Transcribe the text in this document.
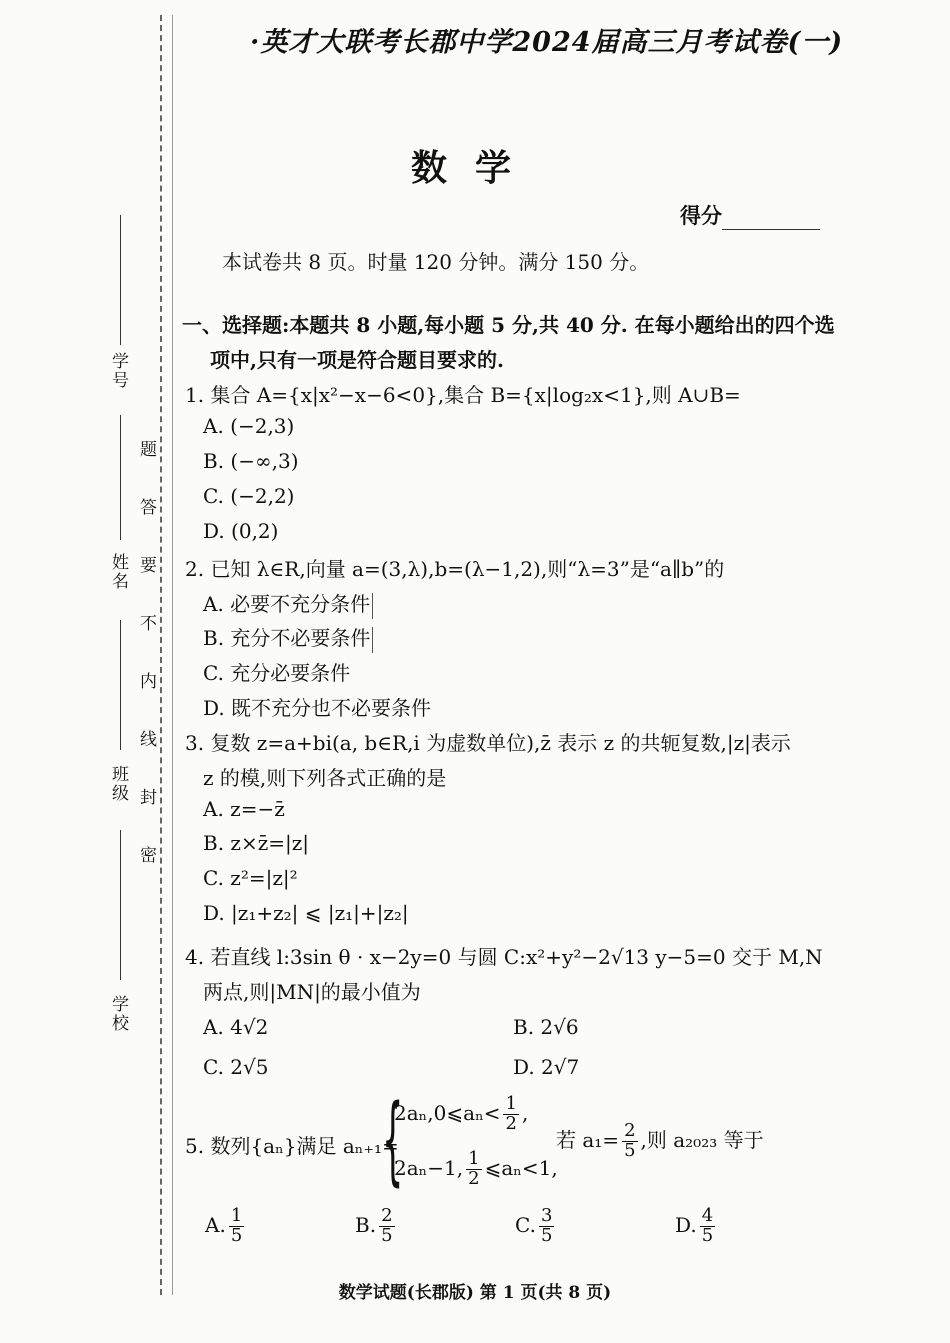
学号
姓名
班级
学校
题
答
要
不
内
线
封
密
·英才大联考长郡中学2024届高三月考试卷(一)
数学
得分
本试卷共 8 页。时量 120 分钟。满分 150 分。
一、选择题:本题共 8 小题,每小题 5 分,共 40 分. 在每小题给出的四个选
项中,只有一项是符合题目要求的.
1. 集合 A={x|x²−x−6<0},集合 B={x|log₂x<1},则 A∪B=
A. (−2,3)
B. (−∞,3)
C. (−2,2)
D. (0,2)
2. 已知 λ∈R,向量 a=(3,λ),b=(λ−1,2),则“λ=3”是“a∥b”的
A. 必要不充分条件
B. 充分不必要条件
C. 充分必要条件
D. 既不充分也不必要条件
3. 复数 z=a+bi(a, b∈R,i 为虚数单位),z̄ 表示 z 的共轭复数,|z|表示
z 的模,则下列各式正确的是
A. z=−z̄
B. z×z̄=|z|
C. z²=|z|²
D. |z₁+z₂| ⩽ |z₁|+|z₂|
4. 若直线 l:3sin θ · x−2y=0 与圆 C:x²+y²−2√13 y−5=0 交于 M,N
两点,则|MN|的最小值为
A. 4√2	B. 2√6
C. 2√5	D. 2√7
5. 数列{aₙ}满足 aₙ₊₁=
{
2aₙ,0⩽aₙ< $\frac{1}{2}$ ,
2aₙ−1, $\frac{1}{2}$ ⩽aₙ<1,
若 $a_1= \frac{2}{5}$ ,则 a₂₀₂₃ 等于
A. $\frac{1}{5}$	B. $\frac{2}{5}$	C. $\frac{3}{5}$	D. $\frac{4}{5}$
数学试题(长郡版) 第 1 页(共 8 页)
